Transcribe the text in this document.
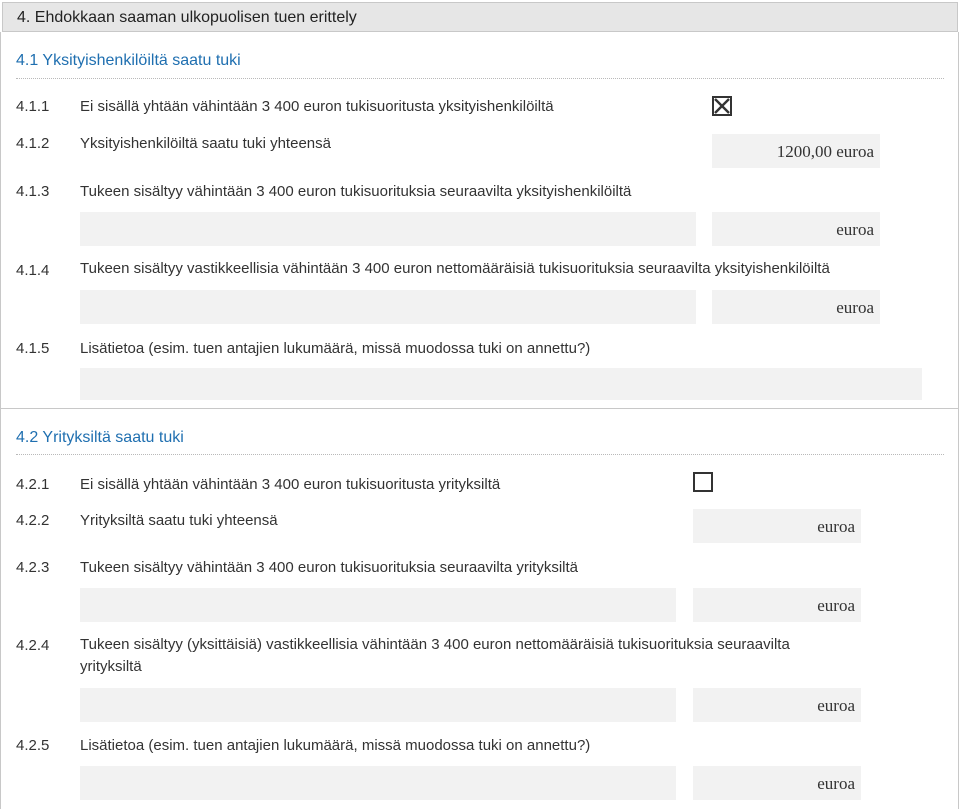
4. Ehdokkaan saaman ulkopuolisen tuen erittely
4.1 Yksityishenkilöiltä saatu tuki
4.1.1 Ei sisällä yhtään vähintään 3 400 euron tukisuoritusta yksityishenkilöiltä
4.1.2 Yksityishenkilöiltä saatu tuki yhteensä	1200,00 euroa
4.1.3 Tukeen sisältyy vähintään 3 400 euron tukisuorituksia seuraavilta yksityishenkilöiltä
euroa
4.1.4 Tukeen sisältyy vastikkeellisia vähintään 3 400 euron nettomääräisiä tukisuorituksia seuraavilta yksityishenkilöiltä
euroa
4.1.5 Lisätietoa (esim. tuen antajien lukumäärä, missä muodossa tuki on annettu?)
4.2 Yrityksiltä saatu tuki
4.2.1 Ei sisällä yhtään vähintään 3 400 euron tukisuoritusta yrityksiltä
4.2.2 Yrityksiltä saatu tuki yhteensä	euroa
4.2.3 Tukeen sisältyy vähintään 3 400 euron tukisuorituksia seuraavilta yrityksiltä
euroa
4.2.4 Tukeen sisältyy (yksittäisiä) vastikkeellisia vähintään 3 400 euron nettomääräisiä tukisuorituksia seuraavilta
yrityksiltä
euroa
4.2.5 Lisätietoa (esim. tuen antajien lukumäärä, missä muodossa tuki on annettu?)
euroa
